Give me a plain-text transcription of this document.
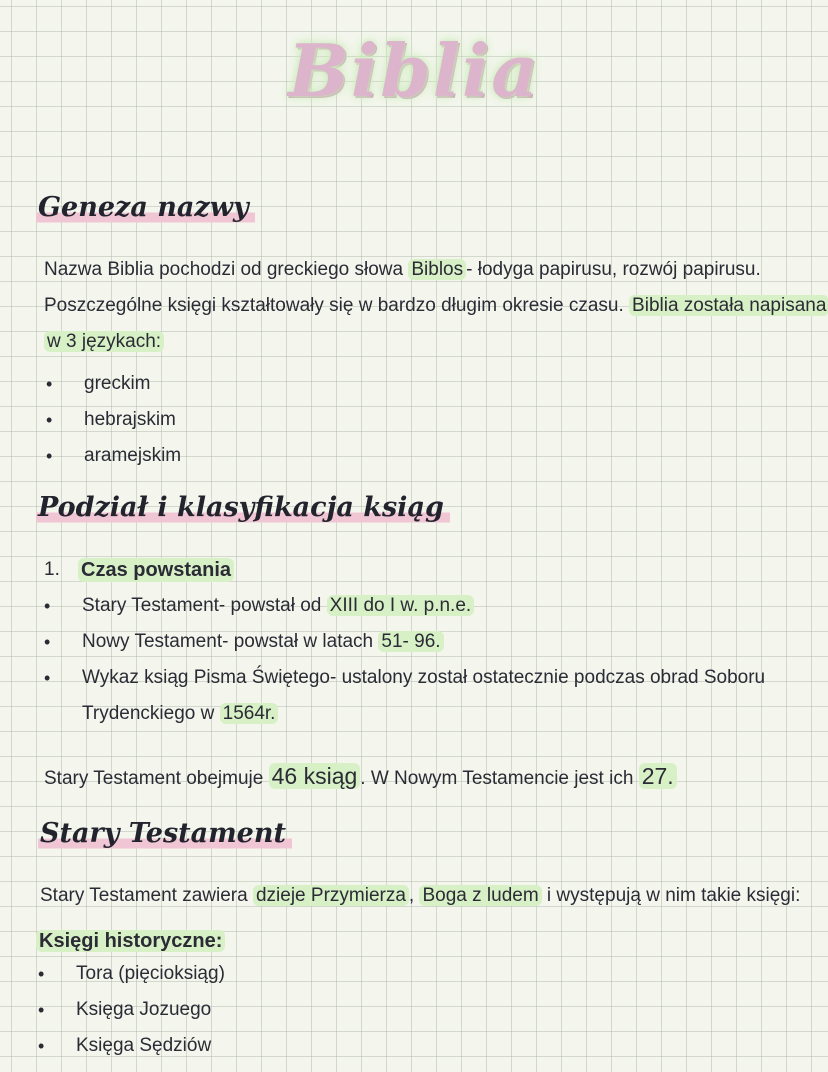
Biblia
Geneza nazwy
Nazwa Biblia pochodzi od greckiego słowa Biblos - łodyga papirusu, rozwój papirusu.
Poszczególne księgi kształtowały się w bardzo długim okresie czasu. Biblia została napisana
w 3 językach:
• greckim
• hebrajskim
• aramejskim
Podział i klasyfikacja ksiąg
1. Czas powstania
• Stary Testament- powstał od XIII do I w. p.n.e.
• Nowy Testament- powstał w latach 51- 96.
• Wykaz ksiąg Pisma Świętego- ustalony został ostatecznie podczas obrad Soboru
Trydenckiego w 1564r.
Stary Testament obejmuje 46 ksiąg . W Nowym Testamencie jest ich 27.
Stary Testament
Stary Testament zawiera dzieje Przymierza , Boga z ludem i występują w nim takie księgi:
Księgi historyczne:
• Tora (pięcioksiąg)
• Księga Jozuego
• Księga Sędziów
